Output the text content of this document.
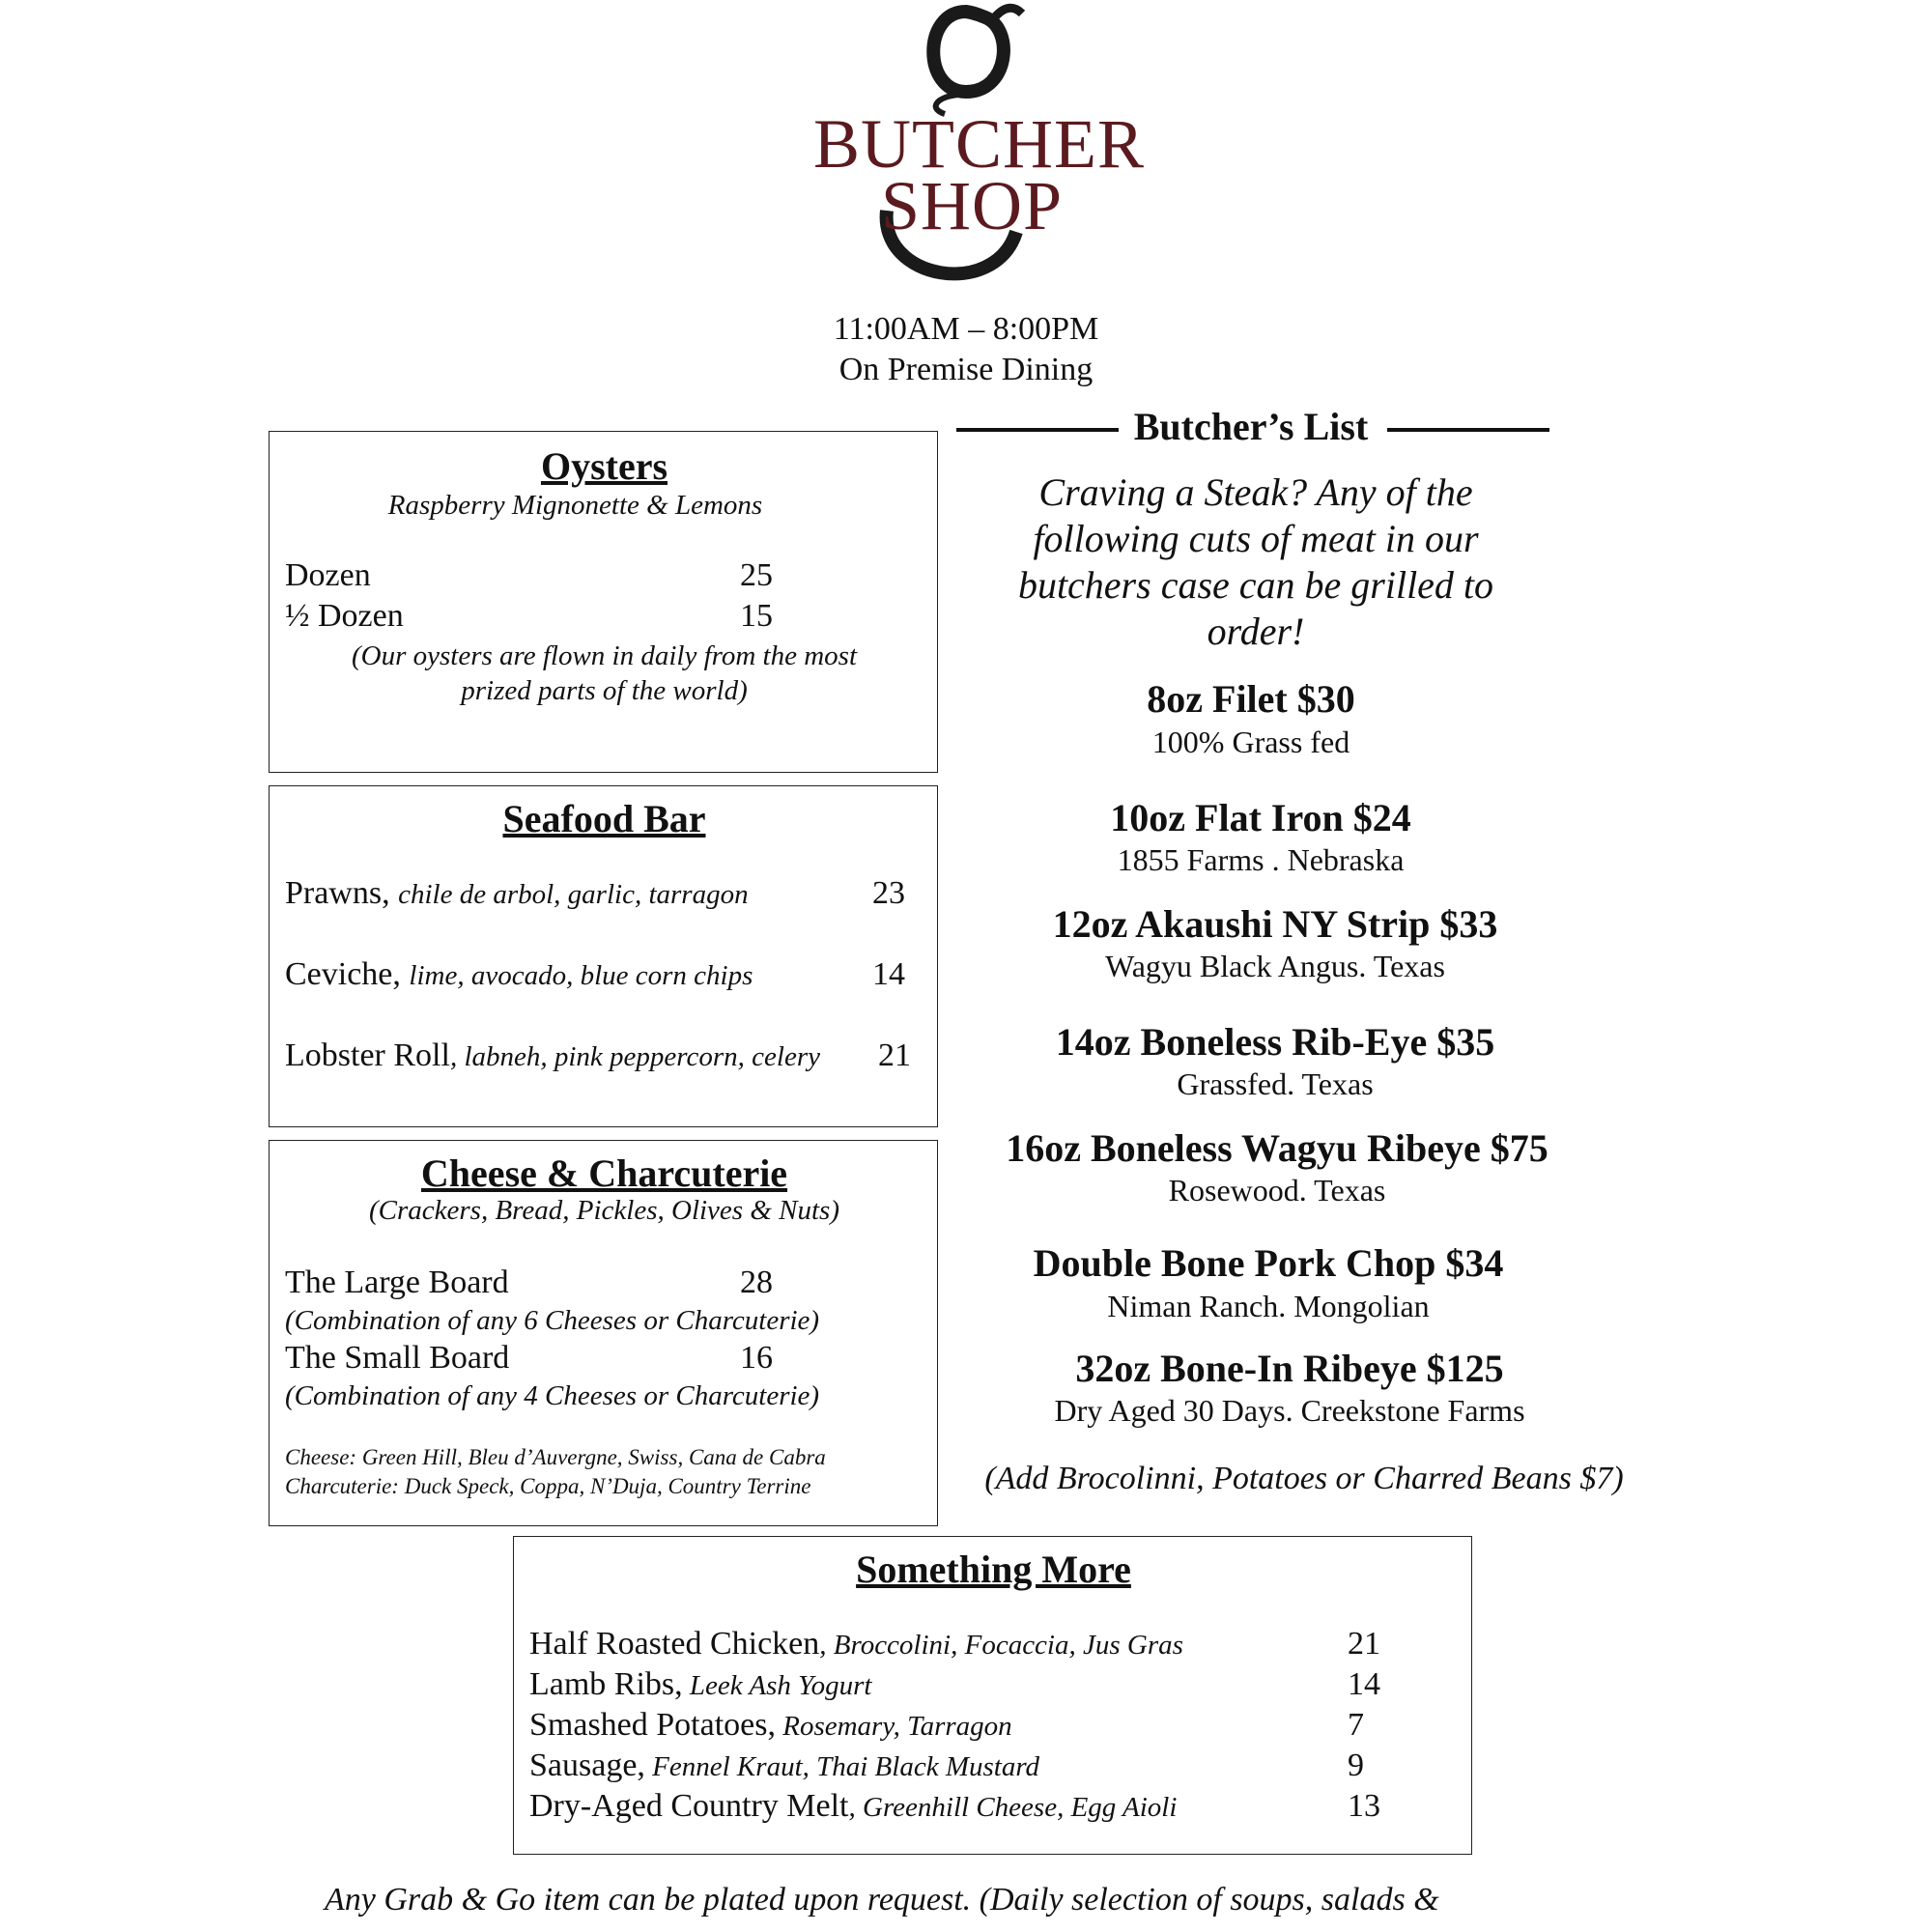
BUTCHER
SHOP
11:00AM – 8:00PM
On Premise Dining
Oysters
Raspberry Mignonette & Lemons
Dozen	25
½ Dozen	15
(Our oysters are flown in daily from the most
prized parts of the world)
Seafood Bar
Prawns, chile de arbol, garlic, tarragon	23
Ceviche, lime, avocado, blue corn chips	14
Lobster Roll, labneh, pink peppercorn, celery 21
Cheese & Charcuterie
(Crackers, Bread, Pickles, Olives & Nuts)
The Large Board	28
(Combination of any 6 Cheeses or Charcuterie)
The Small Board	16
(Combination of any 4 Cheeses or Charcuterie)
Cheese: Green Hill, Bleu d’Auvergne, Swiss, Cana de Cabra
Charcuterie: Duck Speck, Coppa, N’Duja, Country Terrine
Butcher’s List
Craving a Steak? Any of the
following cuts of meat in our
butchers case can be grilled to
order!
8oz Filet $30
100% Grass fed
10oz Flat Iron $24
1855 Farms . Nebraska
12oz Akaushi NY Strip $33
Wagyu Black Angus. Texas
14oz Boneless Rib-Eye $35
Grassfed. Texas
16oz Boneless Wagyu Ribeye $75
Rosewood. Texas
Double Bone Pork Chop $34
Niman Ranch. Mongolian
32oz Bone-In Ribeye $125
Dry Aged 30 Days. Creekstone Farms
(Add Brocolinni, Potatoes or Charred Beans $7)
Something More
Half Roasted Chicken, Broccolini, Focaccia, Jus Gras	21
Lamb Ribs, Leek Ash Yogurt	14
Smashed Potatoes, Rosemary, Tarragon	7
Sausage, Fennel Kraut, Thai Black Mustard	9
Dry-Aged Country Melt, Greenhill Cheese, Egg Aioli	13
Any Grab & Go item can be plated upon request. (Daily selection of soups, salads &
